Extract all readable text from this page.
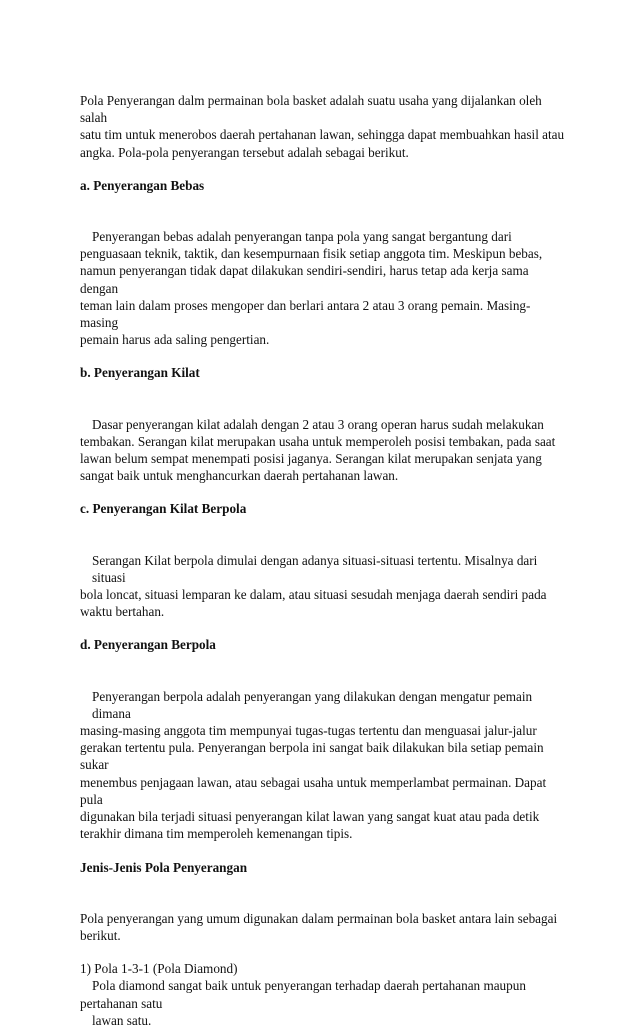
Pola Penyerangan dalm permainan bola basket adalah suatu usaha yang dijalankan oleh salah
satu tim untuk menerobos daerah pertahanan lawan, sehingga dapat membuahkan hasil atau
angka. Pola-pola penyerangan tersebut adalah sebagai berikut.
a. Penyerangan Bebas
Penyerangan bebas adalah penyerangan tanpa pola yang sangat bergantung dari
penguasaan teknik, taktik, dan kesempurnaan fisik setiap anggota tim. Meskipun bebas,
namun penyerangan tidak dapat dilakukan sendiri-sendiri, harus tetap ada kerja sama dengan
teman lain dalam proses mengoper dan berlari antara 2 atau 3 orang pemain. Masing-masing
pemain harus ada saling pengertian.
b. Penyerangan Kilat
Dasar penyerangan kilat adalah dengan 2 atau 3 orang operan harus sudah melakukan
tembakan. Serangan kilat merupakan usaha untuk memperoleh posisi tembakan, pada saat
lawan belum sempat menempati posisi jaganya. Serangan kilat merupakan senjata yang
sangat baik untuk menghancurkan daerah pertahanan lawan.
c. Penyerangan Kilat Berpola
Serangan Kilat berpola dimulai dengan adanya situasi-situasi tertentu. Misalnya dari situasi
bola loncat, situasi lemparan ke dalam, atau situasi sesudah menjaga daerah sendiri pada
waktu bertahan.
d. Penyerangan Berpola
Penyerangan berpola adalah penyerangan yang dilakukan dengan mengatur pemain dimana
masing-masing anggota tim mempunyai tugas-tugas tertentu dan menguasai jalur-jalur
gerakan tertentu pula. Penyerangan berpola ini sangat baik dilakukan bila setiap pemain sukar
menembus penjagaan lawan, atau sebagai usaha untuk memperlambat permainan. Dapat pula
digunakan bila terjadi situasi penyerangan kilat lawan yang sangat kuat atau pada detik
terakhir dimana tim memperoleh kemenangan tipis.
Jenis-Jenis Pola Penyerangan
Pola penyerangan yang umum digunakan dalam permainan bola basket antara lain sebagai
berikut.
1) Pola 1-3-1 (Pola Diamond)
Pola diamond sangat baik untuk penyerangan terhadap daerah pertahanan maupun
pertahanan satu
lawan satu.
